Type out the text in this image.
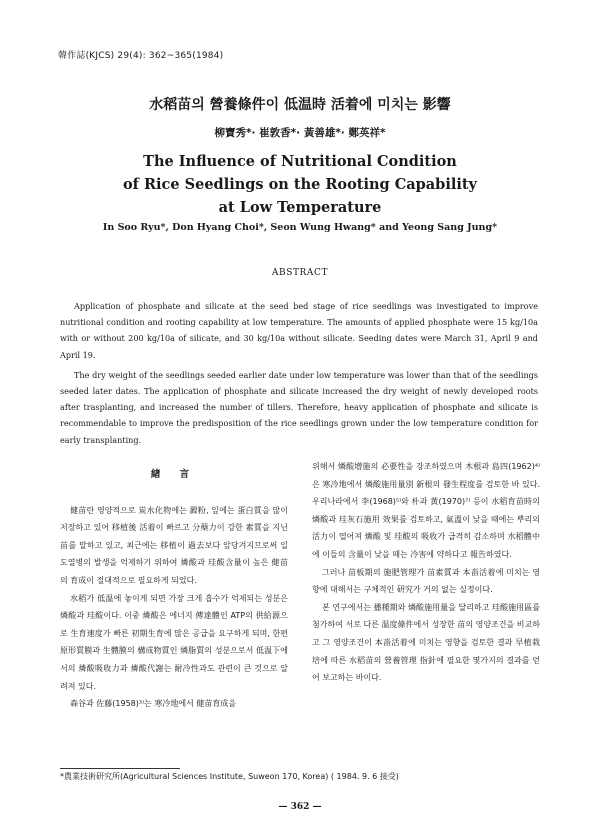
韓作誌(KJCS) 29(4): 362~365(1984)
水稻苗의 營養條件이 低温時 活着에 미치는 影響
柳寶秀*· 崔敦香*· 黃善雄*· 鄭英祥*
The Influence of Nutritional Condition
of Rice Seedlings on the Rooting Capability
at Low Temperature
In Soo Ryu*, Don Hyang Choi*, Seon Wung Hwang* and Yeong Sang Jung*
ABSTRACT

Application of phosphate and silicate at the seed bed stage of rice seedlings was investigated to improve nutritional condition and rooting capability at low temperature. The amounts of applied phosphate were 15 kg/10a with or without 200 kg/10a of silicate, and 30 kg/10a without silicate. Seeding dates were March 31, April 9 and April 19.

The dry weight of the seedlings seeded earlier date under low temperature was lower than that of the seedlings seeded later dates. The application of phosphate and silicate increased the dry weight of newly developed roots after trasplanting, and increased the number of tillers. Therefore, heavy application of phosphate and silicate is recommendable to improve the predisposition of the rice seedlings grown under the low temperature condition for early transplanting.

緖 言

健苗란 영양적으로 炭水化物에는 澱粉, 잎에는 蛋白質을 많이 저장하고 있어 移植後 活着이 빠르고 分蘖力이 강한 素質을 지닌 苗를 말하고 있고, 최근에는 移植이 過去보다 앞당겨지므로써 일도열병의 발생을 억제하기 위하여 燐酸과 珪酸含量이 높은 健苗의 育成이 절대적으로 필요하게 되었다.

水稻가 低温에 놓이게 되면 가장 크게 흡수가 억제되는 성분은 燐酸과 珪酸이다. 이중 燐酸은 에너지 傳達體인 ATP의 供給源으로 生育速度가 빠른 初期生育에 많은 공급을 요구하게 되며, 한편 原形質膜과 生體膜의 構成物質인 燐脂質의 성분으로서 低温下에서의 燐酸吸收力과 燐酸代謝는 耐冷性과도 관련이 큰 것으로 알려져 있다.

森谷과 佐藤(1958)³⁾는 寒冷地에서 健苗育成을

위해서 燐酸增施의 必要性을 강조하였으며 木根과 島四(1962)⁴⁾은 寒冷地에서 燐酸施用量別 新根의 發生程度를 검토한 바 있다. 우리나라에서 李(1968)⁵⁾와 朴과 黃(1970)⁷⁾ 등이 水稻育苗時의 燐酸과 珪灰石施用 效果를 검토하고, 氣溫이 낮을 때에는 뿌리의 活力이 떨어져 燐酸 및 珪酸의 吸收가 급격히 감소하며 水稻體中에 이들의 含量이 낮을 때는 冷害에 약하다고 報告하였다.

그러나 苗板期의 施肥管理가 苗素質과 本畓活着에 미치는 영향에 대해서는 구체적인 研究가 거의 없는 실정이다.

본 연구에서는 播種期와 燐酸施用量을 달리하고 珪酸施用區를 첨가하여 서로 다른 温度條件에서 성장한 苗의 영양조건을 비교하고 그 영양조건이 本畓活着에 미치는 영향을 검토한 결과 早植栽培에 따른 水稻苗의 營養管理 指針에 필요한 몇가지의 결과를 얻어 보고하는 바이다.

*農業技術研究所(Agricultural Sciences Institute, Suweon 170, Korea) ( 1984. 9. 6 接受)
— 362 —
